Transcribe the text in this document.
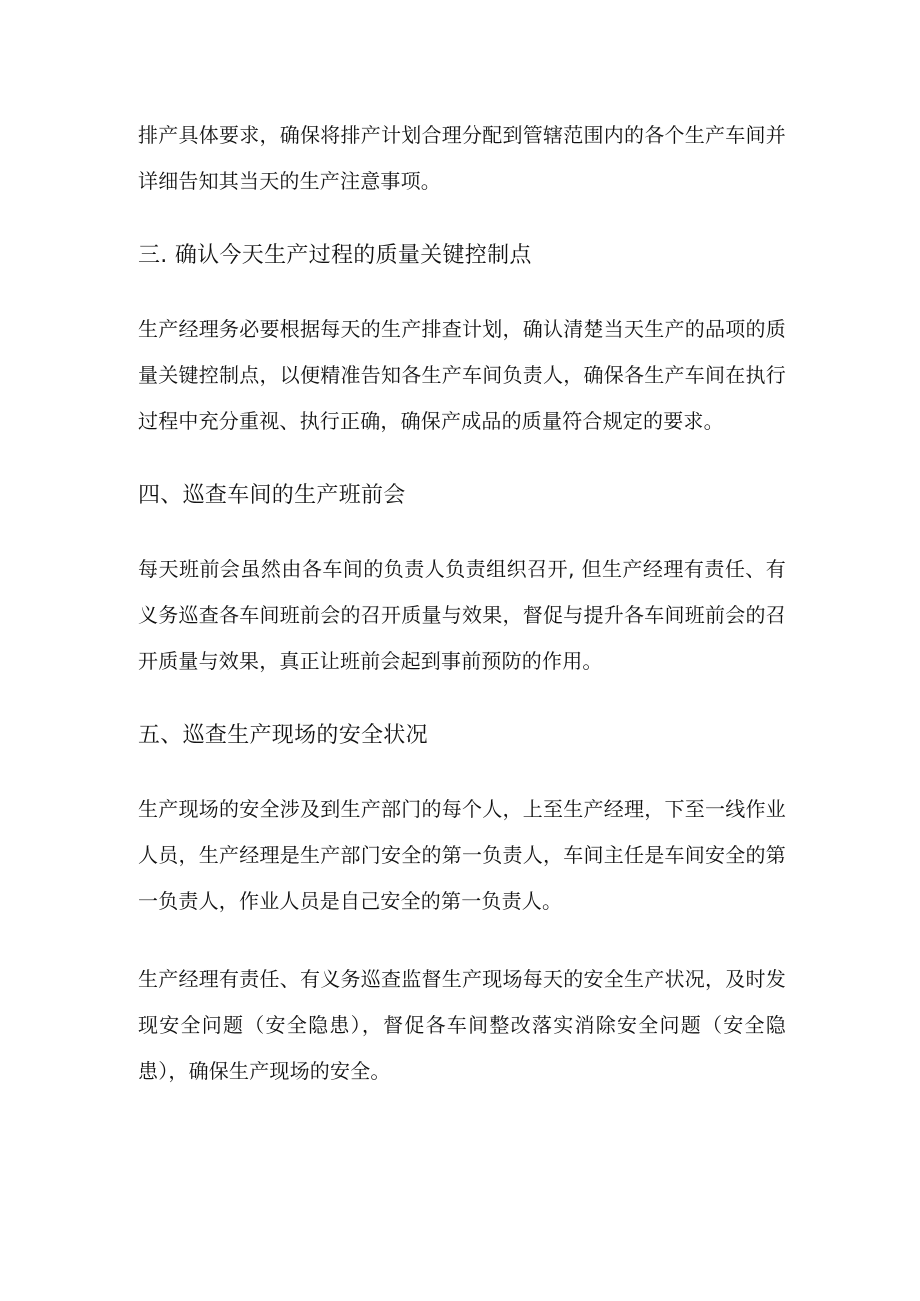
排产具体要求，确保将排产计划合理分配到管辖范围内的各个生产车间并详细告知其当天的生产注意事项。

三. 确认今天生产过程的质量关键控制点

生产经理务必要根据每天的生产排查计划，确认清楚当天生产的品项的质量关键控制点，以便精准告知各生产车间负责人，确保各生产车间在执行过程中充分重视、执行正确，确保产成品的质量符合规定的要求。

四、巡查车间的生产班前会

每天班前会虽然由各车间的负责人负责组织召开, 但生产经理有责任、有义务巡查各车间班前会的召开质量与效果，督促与提升各车间班前会的召开质量与效果，真正让班前会起到事前预防的作用。

五、巡查生产现场的安全状况

生产现场的安全涉及到生产部门的每个人，上至生产经理，下至一线作业人员，生产经理是生产部门安全的第一负责人，车间主任是车间安全的第一负责人，作业人员是自己安全的第一负责人。

生产经理有责任、有义务巡查监督生产现场每天的安全生产状况，及时发现安全问题（安全隐患），督促各车间整改落实消除安全问题（安全隐患），确保生产现场的安全。
